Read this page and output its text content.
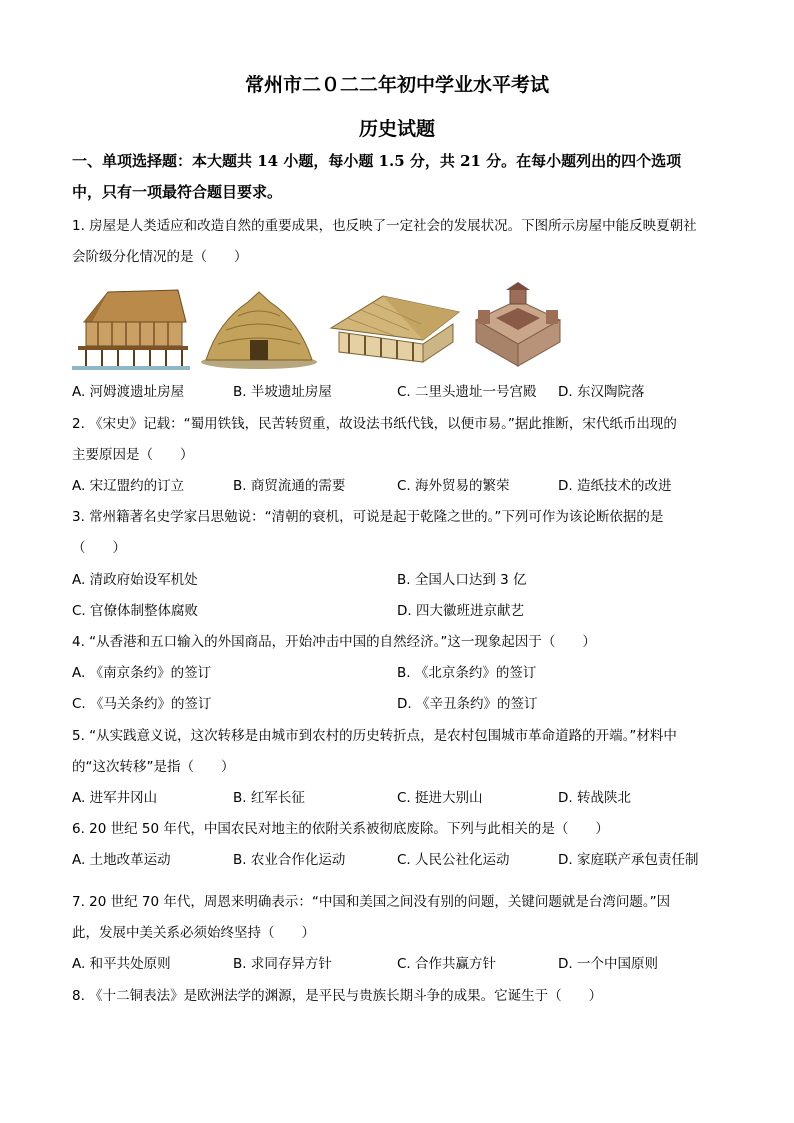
常州市二０二二年初中学业水平考试
历史试题
一、单项选择题：本大题共 14 小题，每小题 1.5 分，共 21 分。在每小题列出的四个选项
中，只有一项最符合题目要求。
1. 房屋是人类适应和改造自然的重要成果，也反映了一定社会的发展状况。下图所示房屋中能反映夏朝社
会阶级分化情况的是（　　）
A. 河姆渡遗址房屋	B. 半坡遗址房屋	C. 二里头遗址一号宫殿 D. 东汉陶院落
2. 《宋史》记载：“蜀用铁钱，民苦转贸重，故设法书纸代钱，以便市易。”据此推断，宋代纸币出现的
主要原因是（　　）
A. 宋辽盟约的订立	B. 商贸流通的需要	C. 海外贸易的繁荣	D. 造纸技术的改进
3. 常州籍著名史学家吕思勉说：“清朝的衰机，可说是起于乾隆之世的。”下列可作为该论断依据的是
（　　）
A. 清政府始设军机处	B. 全国人口达到 3 亿
C. 官僚体制整体腐败	D. 四大徽班进京献艺
4. “从香港和五口输入的外国商品，开始冲击中国的自然经济。”这一现象起因于（　　）
A. 《南京条约》的签订	B. 《北京条约》的签订
C. 《马关条约》的签订	D. 《辛丑条约》的签订
5. “从实践意义说，这次转移是由城市到农村的历史转折点，是农村包围城市革命道路的开端。”材料中
的“这次转移”是指（　　）
A. 进军井冈山	B. 红军长征	C. 挺进大别山	D. 转战陕北
6. 20 世纪 50 年代，中国农民对地主的依附关系被彻底废除。下列与此相关的是（　　）
A. 土地改革运动	B. 农业合作化运动	C. 人民公社化运动	D. 家庭联产承包责任制
7. 20 世纪 70 年代，周恩来明确表示：“中国和美国之间没有别的问题，关键问题就是台湾问题。”因
此，发展中美关系必须始终坚持（　　）
A. 和平共处原则	B. 求同存异方针	C. 合作共赢方针	D. 一个中国原则
8. 《十二铜表法》是欧洲法学的渊源，是平民与贵族长期斗争的成果。它诞生于（　　）
